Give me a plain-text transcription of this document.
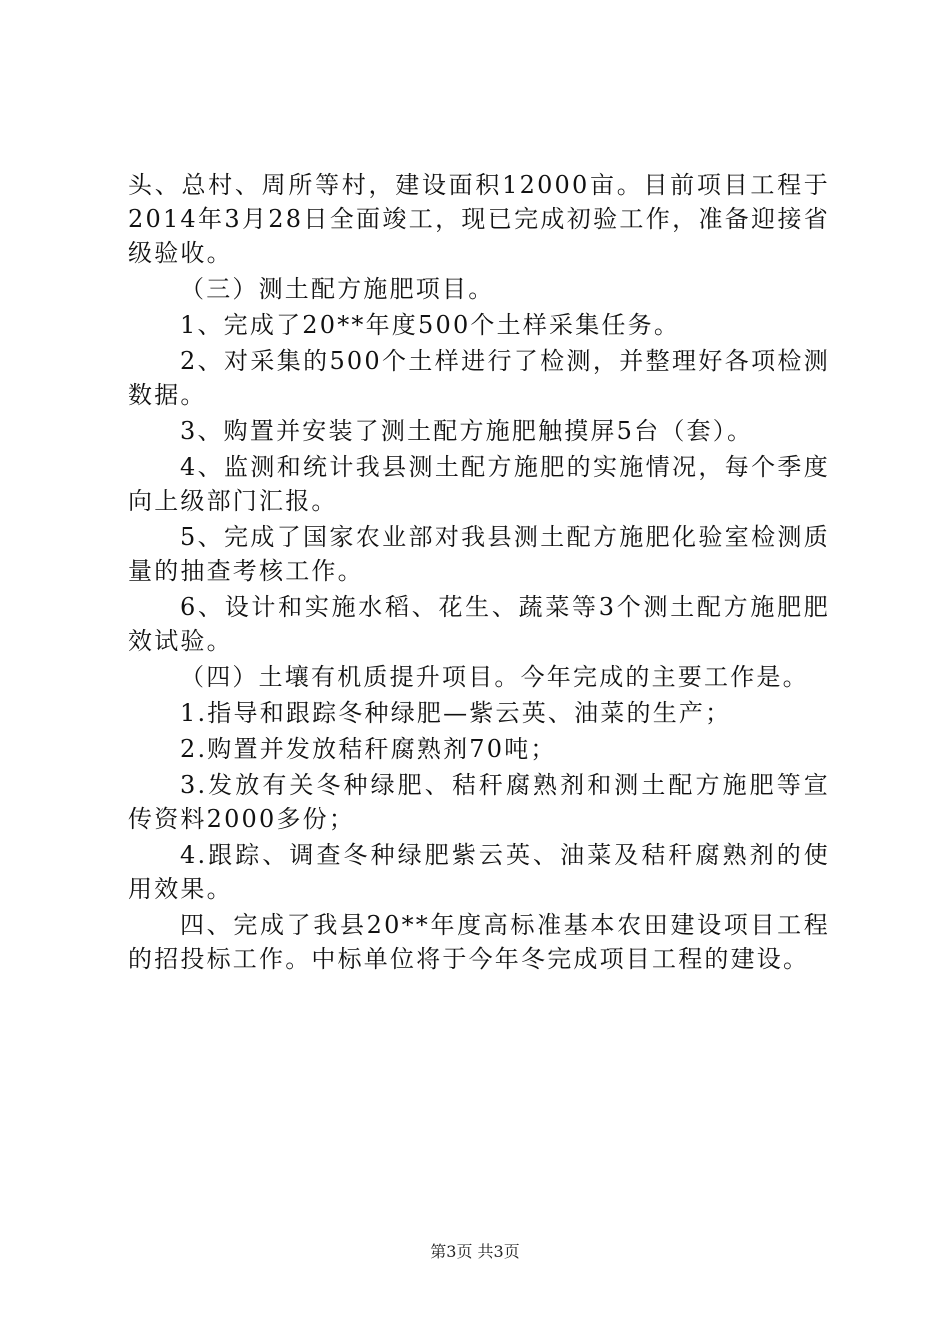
头、总村、周所等村，建设面积12000亩。目前项目工程于2014年3月28日全面竣工，现已完成初验工作，准备迎接省级验收。

（三）测土配方施肥项目。

1、完成了20**年度500个土样采集任务。

2、对采集的500个土样进行了检测，并整理好各项检测数据。

3、购置并安装了测土配方施肥触摸屏5台（套）。

4、监测和统计我县测土配方施肥的实施情况，每个季度向上级部门汇报。

5、完成了国家农业部对我县测土配方施肥化验室检测质量的抽查考核工作。

6、设计和实施水稻、花生、蔬菜等3个测土配方施肥肥效试验。

（四）土壤有机质提升项目。今年完成的主要工作是。

1.指导和跟踪冬种绿肥—紫云英、油菜的生产；

2.购置并发放秸秆腐熟剂70吨；

3.发放有关冬种绿肥、秸秆腐熟剂和测土配方施肥等宣传资料2000多份；

4.跟踪、调查冬种绿肥紫云英、油菜及秸秆腐熟剂的使用效果。

四、完成了我县20**年度高标准基本农田建设项目工程的招投标工作。中标单位将于今年冬完成项目工程的建设。

第3页 共3页
